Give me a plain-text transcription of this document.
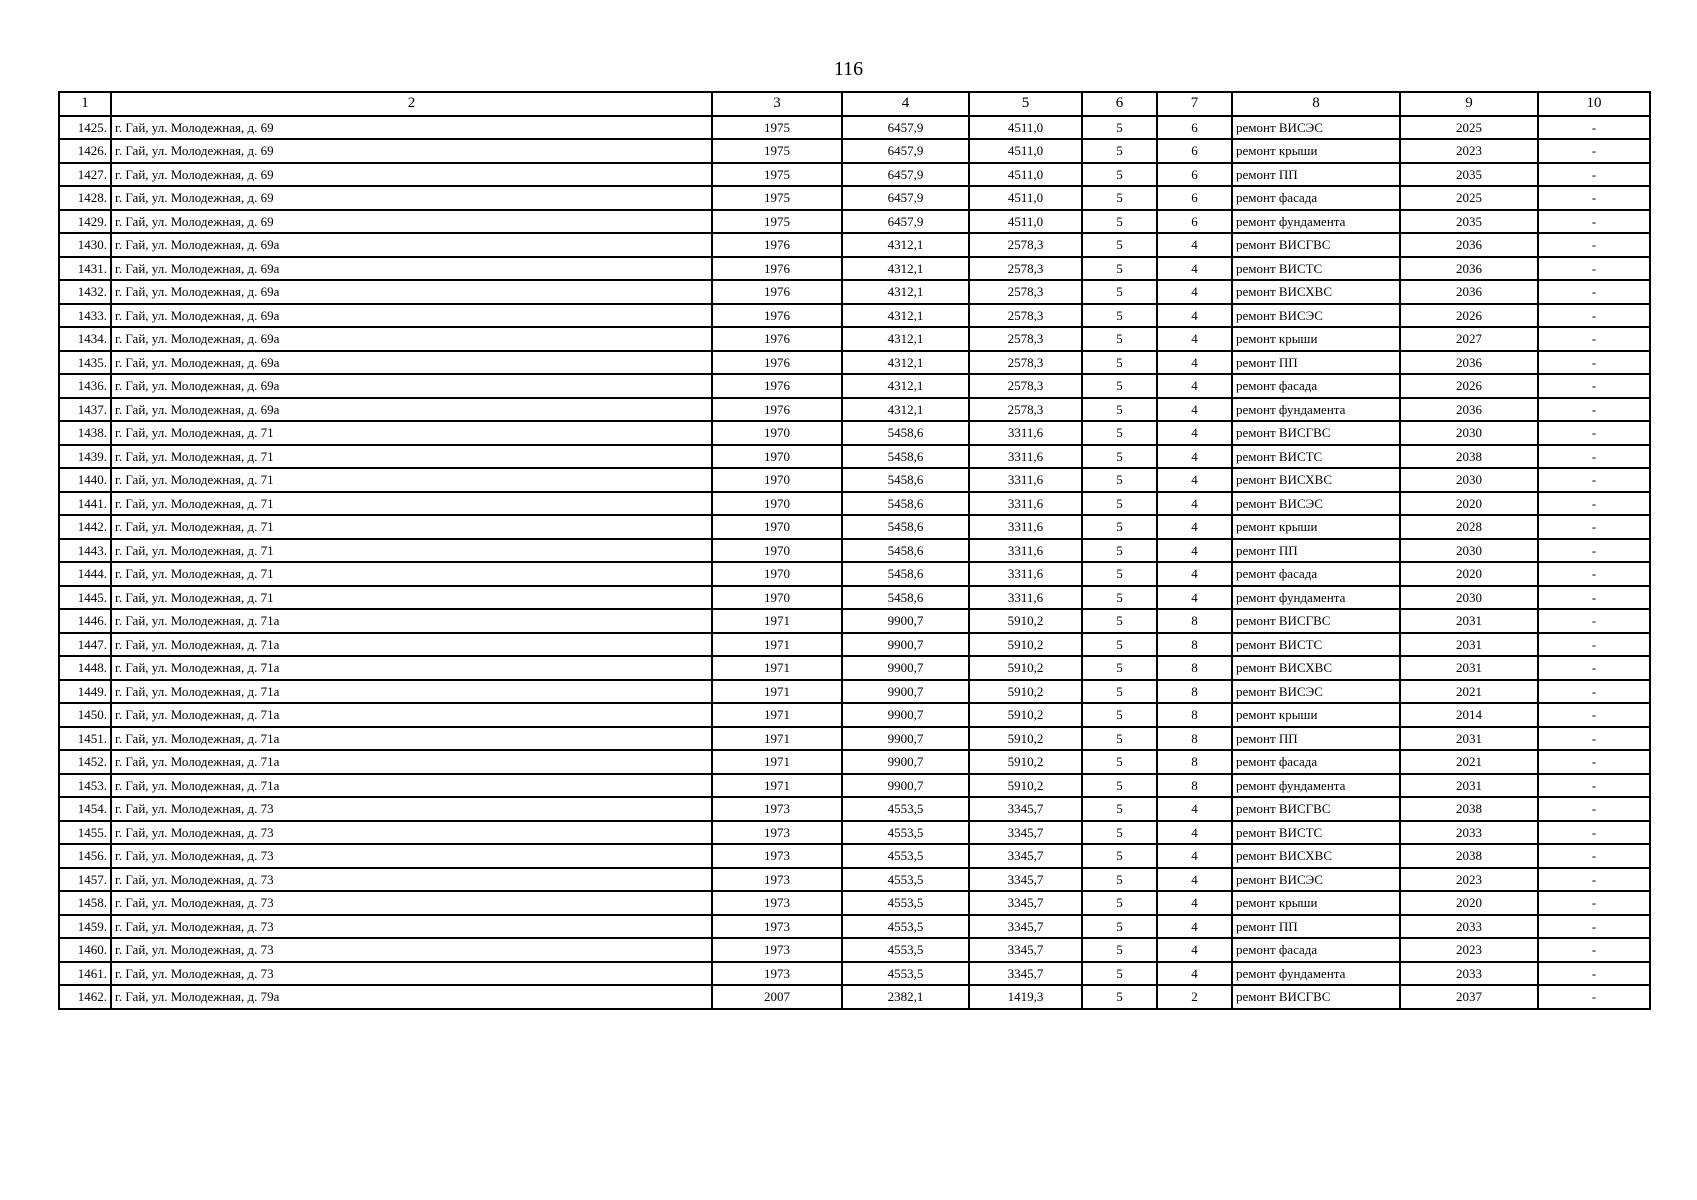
116
1	2	3	4	5	6	7	8	9	10
1425.	г. Гай, ул. Молодежная, д. 69	1975	6457,9	4511,0	5	6	ремонт ВИСЭС	2025	-
1426.	г. Гай, ул. Молодежная, д. 69	1975	6457,9	4511,0	5	6	ремонт крыши	2023	-
1427.	г. Гай, ул. Молодежная, д. 69	1975	6457,9	4511,0	5	6	ремонт ПП	2035	-
1428.	г. Гай, ул. Молодежная, д. 69	1975	6457,9	4511,0	5	6	ремонт фасада	2025	-
1429.	г. Гай, ул. Молодежная, д. 69	1975	6457,9	4511,0	5	6	ремонт фундамента	2035	-
1430.	г. Гай, ул. Молодежная, д. 69а	1976	4312,1	2578,3	5	4	ремонт ВИСГВС	2036	-
1431.	г. Гай, ул. Молодежная, д. 69а	1976	4312,1	2578,3	5	4	ремонт ВИСТС	2036	-
1432.	г. Гай, ул. Молодежная, д. 69а	1976	4312,1	2578,3	5	4	ремонт ВИСХВС	2036	-
1433.	г. Гай, ул. Молодежная, д. 69а	1976	4312,1	2578,3	5	4	ремонт ВИСЭС	2026	-
1434.	г. Гай, ул. Молодежная, д. 69а	1976	4312,1	2578,3	5	4	ремонт крыши	2027	-
1435.	г. Гай, ул. Молодежная, д. 69а	1976	4312,1	2578,3	5	4	ремонт ПП	2036	-
1436.	г. Гай, ул. Молодежная, д. 69а	1976	4312,1	2578,3	5	4	ремонт фасада	2026	-
1437.	г. Гай, ул. Молодежная, д. 69а	1976	4312,1	2578,3	5	4	ремонт фундамента	2036	-
1438.	г. Гай, ул. Молодежная, д. 71	1970	5458,6	3311,6	5	4	ремонт ВИСГВС	2030	-
1439.	г. Гай, ул. Молодежная, д. 71	1970	5458,6	3311,6	5	4	ремонт ВИСТС	2038	-
1440.	г. Гай, ул. Молодежная, д. 71	1970	5458,6	3311,6	5	4	ремонт ВИСХВС	2030	-
1441.	г. Гай, ул. Молодежная, д. 71	1970	5458,6	3311,6	5	4	ремонт ВИСЭС	2020	-
1442.	г. Гай, ул. Молодежная, д. 71	1970	5458,6	3311,6	5	4	ремонт крыши	2028	-
1443.	г. Гай, ул. Молодежная, д. 71	1970	5458,6	3311,6	5	4	ремонт ПП	2030	-
1444.	г. Гай, ул. Молодежная, д. 71	1970	5458,6	3311,6	5	4	ремонт фасада	2020	-
1445.	г. Гай, ул. Молодежная, д. 71	1970	5458,6	3311,6	5	4	ремонт фундамента	2030	-
1446.	г. Гай, ул. Молодежная, д. 71а	1971	9900,7	5910,2	5	8	ремонт ВИСГВС	2031	-
1447.	г. Гай, ул. Молодежная, д. 71а	1971	9900,7	5910,2	5	8	ремонт ВИСТС	2031	-
1448.	г. Гай, ул. Молодежная, д. 71а	1971	9900,7	5910,2	5	8	ремонт ВИСХВС	2031	-
1449.	г. Гай, ул. Молодежная, д. 71а	1971	9900,7	5910,2	5	8	ремонт ВИСЭС	2021	-
1450.	г. Гай, ул. Молодежная, д. 71а	1971	9900,7	5910,2	5	8	ремонт крыши	2014	-
1451.	г. Гай, ул. Молодежная, д. 71а	1971	9900,7	5910,2	5	8	ремонт ПП	2031	-
1452.	г. Гай, ул. Молодежная, д. 71а	1971	9900,7	5910,2	5	8	ремонт фасада	2021	-
1453.	г. Гай, ул. Молодежная, д. 71а	1971	9900,7	5910,2	5	8	ремонт фундамента	2031	-
1454.	г. Гай, ул. Молодежная, д. 73	1973	4553,5	3345,7	5	4	ремонт ВИСГВС	2038	-
1455.	г. Гай, ул. Молодежная, д. 73	1973	4553,5	3345,7	5	4	ремонт ВИСТС	2033	-
1456.	г. Гай, ул. Молодежная, д. 73	1973	4553,5	3345,7	5	4	ремонт ВИСХВС	2038	-
1457.	г. Гай, ул. Молодежная, д. 73	1973	4553,5	3345,7	5	4	ремонт ВИСЭС	2023	-
1458.	г. Гай, ул. Молодежная, д. 73	1973	4553,5	3345,7	5	4	ремонт крыши	2020	-
1459.	г. Гай, ул. Молодежная, д. 73	1973	4553,5	3345,7	5	4	ремонт ПП	2033	-
1460.	г. Гай, ул. Молодежная, д. 73	1973	4553,5	3345,7	5	4	ремонт фасада	2023	-
1461.	г. Гай, ул. Молодежная, д. 73	1973	4553,5	3345,7	5	4	ремонт фундамента	2033	-
1462.	г. Гай, ул. Молодежная, д. 79а	2007	2382,1	1419,3	5	2	ремонт ВИСГВС	2037	-
